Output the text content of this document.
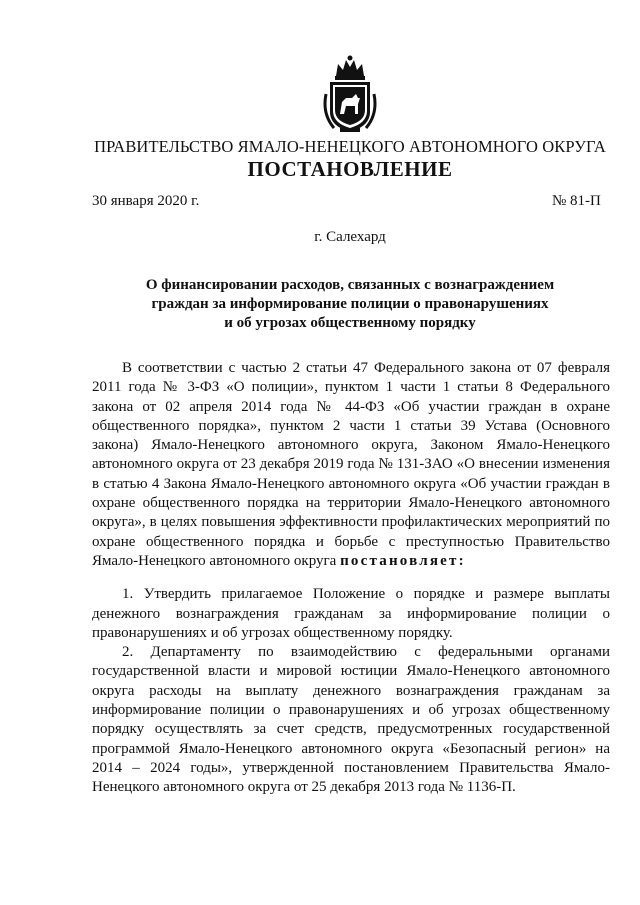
ПРАВИТЕЛЬСТВО ЯМАЛО-НЕНЕЦКОГО АВТОНОМНОГО ОКРУГА
ПОСТАНОВЛЕНИЕ
30 января 2020 г.	№ 81-П
г. Салехард
О финансировании расходов, связанных с вознаграждением
граждан за информирование полиции о правонарушениях
и об угрозах общественному порядку

В соответствии с частью 2 статьи 47 Федерального закона от 07 февраля 2011 года № 3-ФЗ «О полиции», пунктом 1 части 1 статьи 8 Федерального закона от 02 апреля 2014 года № 44-ФЗ «Об участии граждан в охране общественного порядка», пунктом 2 части 1 статьи 39 Устава (Основного закона) Ямало-Ненецкого автономного округа, Законом Ямало-Ненецкого автономного округа от 23 декабря 2019 года № 131-ЗАО «О внесении изменения в статью 4 Закона Ямало-Ненецкого автономного округа «Об участии граждан в охране общественного порядка на территории Ямало-Ненецкого автономного округа», в целях повышения эффективности профилактических мероприятий по охране общественного порядка и борьбе с преступностью Правительство Ямало-Ненецкого автономного округа постановляет:

1. Утвердить прилагаемое Положение о порядке и размере выплаты денежного вознаграждения гражданам за информирование полиции о правонарушениях и об угрозах общественному порядку.

2. Департаменту по взаимодействию с федеральными органами государственной власти и мировой юстиции Ямало-Ненецкого автономного округа расходы на выплату денежного вознаграждения гражданам за информирование полиции о правонарушениях и об угрозах общественному порядку осуществлять за счет средств, предусмотренных государственной программой Ямало-Ненецкого автономного округа «Безопасный регион» на 2014 – 2024 годы», утвержденной постановлением Правительства Ямало-Ненецкого автономного округа от 25 декабря 2013 года № 1136-П.
